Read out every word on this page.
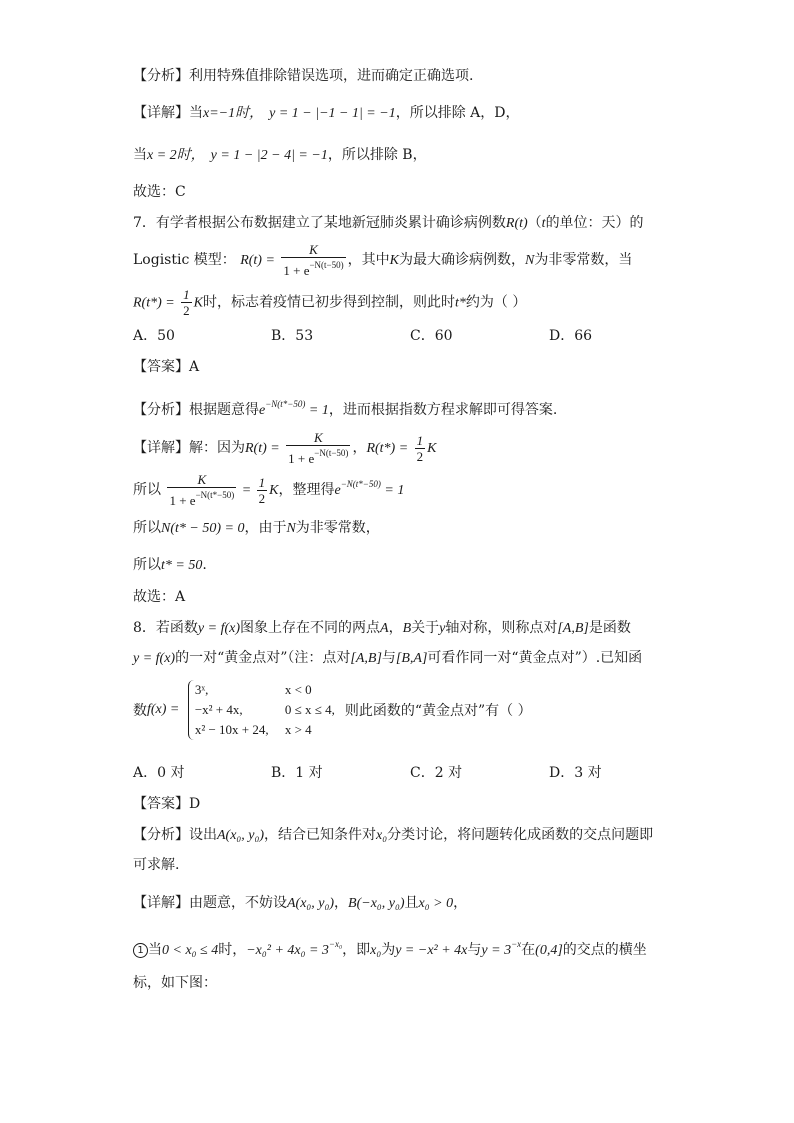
【分析】利用特殊值排除错误选项，进而确定正确选项.
【详解】当x=−1时， y = 1 − |−1 − 1| = −1，所以排除 A，D，
当x = 2时， y = 1 − |2 − 4| = −1，所以排除 B，
故选：C
7．有学者根据公布数据建立了某地新冠肺炎累计确诊病例数R(t)（t的单位：天）的
Logistic 模型： $R(t) = \frac{K}{1 + e^{-N(t-50)}}$ ，其中K为最大确诊病例数，N为非零常数，当
$R(t*) = \frac{1}{2}$ K时，标志着疫情已初步得到控制，则此时t*约为（ ）
A．50	B．53	C．60	D．66
【答案】A
【分析】根据题意得$e^{-N(t*-50)} = 1$，进而根据指数方程求解即可得答案.
【详解】解：因为$R(t) = \frac{K}{1 + e^{-N(t-50)}}$ ，$R(t*) = \frac{1}{2}$ K
所以 $\frac{K}{1 + e^{-N(t*-50)}} = \frac{1}{2}$ K，整理得$e^{-N(t*-50)} = 1$
所以N(t* − 50) = 0，由于N为非零常数，
所以t* = 50.
故选：A
8．若函数y = f(x)图象上存在不同的两点A，B关于y轴对称，则称点对[A,B]是函数
y = f(x)的一对“黄金点对”（注：点对[A,B]与[B,A]可看作同一对“黄金点对”）.已知函
数f(x) =
3ˣ,	x < 0
−x² + 4x,	0 ≤ x ≤ 4,
x² − 10x + 24,	x > 4
则此函数的“黄金点对”有（ ）
A．0 对	B．1 对	C．2 对	D．3 对
【答案】D
【分析】设出A(x₀, y₀)，结合已知条件对x₀分类讨论，将问题转化成函数的交点问题即
可求解.
【详解】由题意，不妨设A(x₀, y₀)，B(−x₀, y₀)且x₀ > 0，
1 当0 < x₀ ≤ 4时，$-x_0^2 + 4x_0 = 3^{-x_0}$，即x₀为y = −x² + 4x与$y = 3^{-x}$在(0,4]的交点的横坐
标，如下图：
